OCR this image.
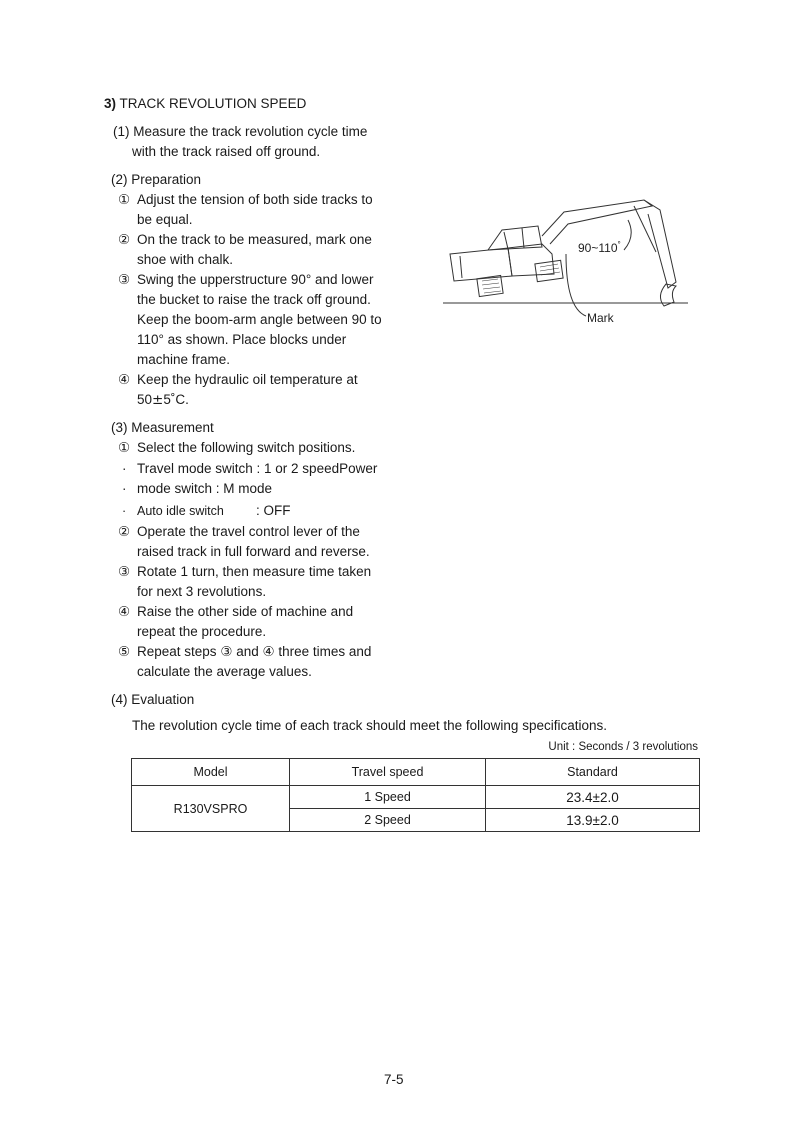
3) TRACK REVOLUTION SPEED
(1) Measure the track revolution cycle time
with the track raised off ground.
(2) Preparation
① Adjust the tension of both side tracks to
be equal.
② On the track to be measured, mark one
shoe with chalk.
③ Swing the upperstructure 90° and lower
the bucket to raise the track off ground.
Keep the boom-arm angle between 90 to
110° as shown. Place blocks under
machine frame.
④ Keep the hydraulic oil temperature at
50±5˚C.
(3) Measurement
① Select the following switch positions.
· Travel mode switch : 1 or 2 speedPower
· mode switch : M mode
· Auto idle switch : OFF
② Operate the travel control lever of the
raised track in full forward and reverse.
③ Rotate 1 turn, then measure time taken
for next 3 revolutions.
④ Raise the other side of machine and
repeat the procedure.
⑤ Repeat steps ③ and ④ three times and
calculate the average values.
(4) Evaluation
The revolution cycle time of each track should meet the following specifications.
Unit : Seconds / 3 revolutions
Model	Travel speed	Standard
R130VSPRO	1 Speed	23.4±2.0
	2 Speed	13.9±2.0
90~110°
Mark
7-5
